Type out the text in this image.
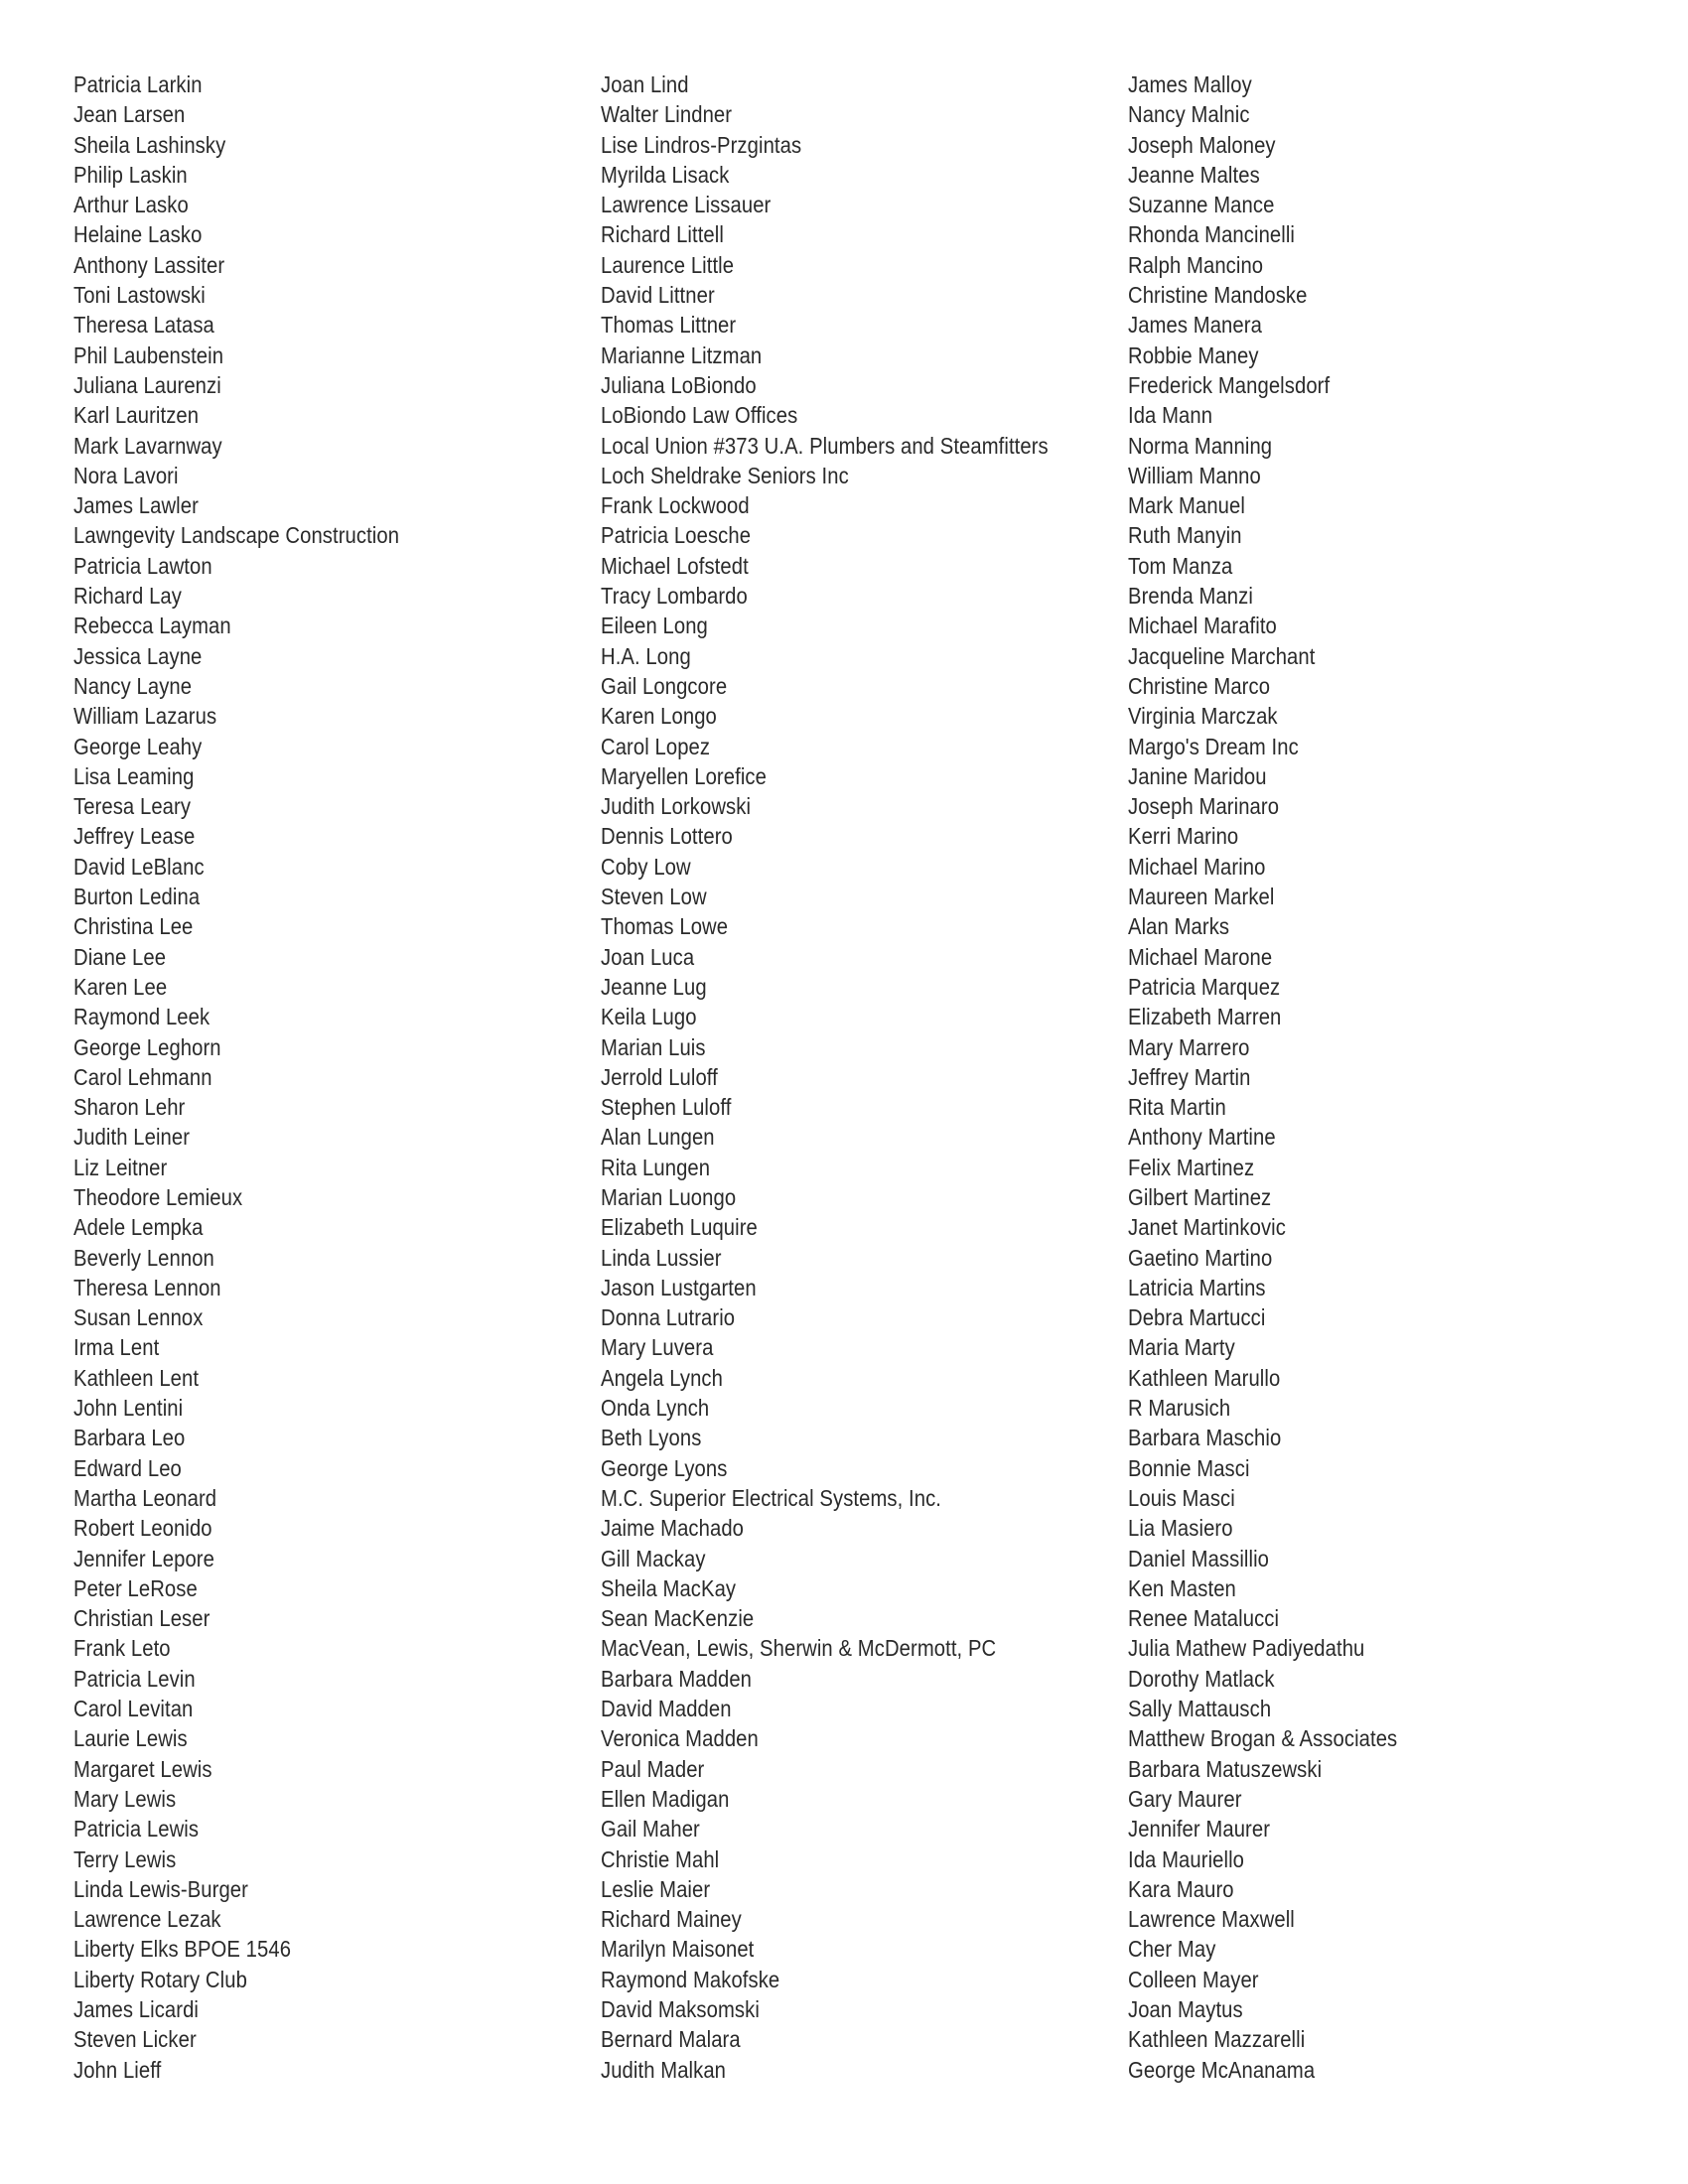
Patricia Larkin
Jean Larsen
Sheila Lashinsky
Philip Laskin
Arthur Lasko
Helaine Lasko
Anthony Lassiter
Toni Lastowski
Theresa Latasa
Phil Laubenstein
Juliana Laurenzi
Karl Lauritzen
Mark Lavarnway
Nora Lavori
James Lawler
Lawngevity Landscape Construction
Patricia Lawton
Richard Lay
Rebecca Layman
Jessica Layne
Nancy Layne
William Lazarus
George Leahy
Lisa Leaming
Teresa Leary
Jeffrey Lease
David LeBlanc
Burton Ledina
Christina Lee
Diane Lee
Karen Lee
Raymond Leek
George Leghorn
Carol Lehmann
Sharon Lehr
Judith Leiner
Liz Leitner
Theodore Lemieux
Adele Lempka
Beverly Lennon
Theresa Lennon
Susan Lennox
Irma Lent
Kathleen Lent
John Lentini
Barbara Leo
Edward Leo
Martha Leonard
Robert Leonido
Jennifer Lepore
Peter LeRose
Christian Leser
Frank Leto
Patricia Levin
Carol Levitan
Laurie Lewis
Margaret Lewis
Mary Lewis
Patricia Lewis
Terry Lewis
Linda Lewis-Burger
Lawrence Lezak
Liberty Elks BPOE 1546
Liberty Rotary Club
James Licardi
Steven Licker
John Lieff
Joan Lind
Walter Lindner
Lise Lindros-Przgintas
Myrilda Lisack
Lawrence Lissauer
Richard Littell
Laurence Little
David Littner
Thomas Littner
Marianne Litzman
Juliana LoBiondo
LoBiondo Law Offices
Local Union #373 U.A. Plumbers and Steamfitters
Loch Sheldrake Seniors Inc
Frank Lockwood
Patricia Loesche
Michael Lofstedt
Tracy Lombardo
Eileen Long
H.A. Long
Gail Longcore
Karen Longo
Carol Lopez
Maryellen Lorefice
Judith Lorkowski
Dennis Lottero
Coby Low
Steven Low
Thomas Lowe
Joan Luca
Jeanne Lug
Keila Lugo
Marian Luis
Jerrold Luloff
Stephen Luloff
Alan Lungen
Rita Lungen
Marian Luongo
Elizabeth Luquire
Linda Lussier
Jason Lustgarten
Donna Lutrario
Mary Luvera
Angela Lynch
Onda Lynch
Beth Lyons
George Lyons
M.C. Superior Electrical Systems, Inc.
Jaime Machado
Gill Mackay
Sheila MacKay
Sean MacKenzie
MacVean, Lewis, Sherwin & McDermott, PC
Barbara Madden
David Madden
Veronica Madden
Paul Mader
Ellen Madigan
Gail Maher
Christie Mahl
Leslie Maier
Richard Mainey
Marilyn Maisonet
Raymond Makofske
David Maksomski
Bernard Malara
Judith Malkan
James Malloy
Nancy Malnic
Joseph Maloney
Jeanne Maltes
Suzanne Mance
Rhonda Mancinelli
Ralph Mancino
Christine Mandoske
James Manera
Robbie Maney
Frederick Mangelsdorf
Ida Mann
Norma Manning
William Manno
Mark Manuel
Ruth Manyin
Tom Manza
Brenda Manzi
Michael Marafito
Jacqueline Marchant
Christine Marco
Virginia Marczak
Margo's Dream Inc
Janine Maridou
Joseph Marinaro
Kerri Marino
Michael Marino
Maureen Markel
Alan Marks
Michael Marone
Patricia Marquez
Elizabeth Marren
Mary Marrero
Jeffrey Martin
Rita Martin
Anthony Martine
Felix Martinez
Gilbert Martinez
Janet Martinkovic
Gaetino Martino
Latricia Martins
Debra Martucci
Maria Marty
Kathleen Marullo
R Marusich
Barbara Maschio
Bonnie Masci
Louis Masci
Lia Masiero
Daniel Massillio
Ken Masten
Renee Matalucci
Julia Mathew Padiyedathu
Dorothy Matlack
Sally Mattausch
Matthew Brogan & Associates
Barbara Matuszewski
Gary Maurer
Jennifer Maurer
Ida Mauriello
Kara Mauro
Lawrence Maxwell
Cher May
Colleen Mayer
Joan Maytus
Kathleen Mazzarelli
George McAnanama
